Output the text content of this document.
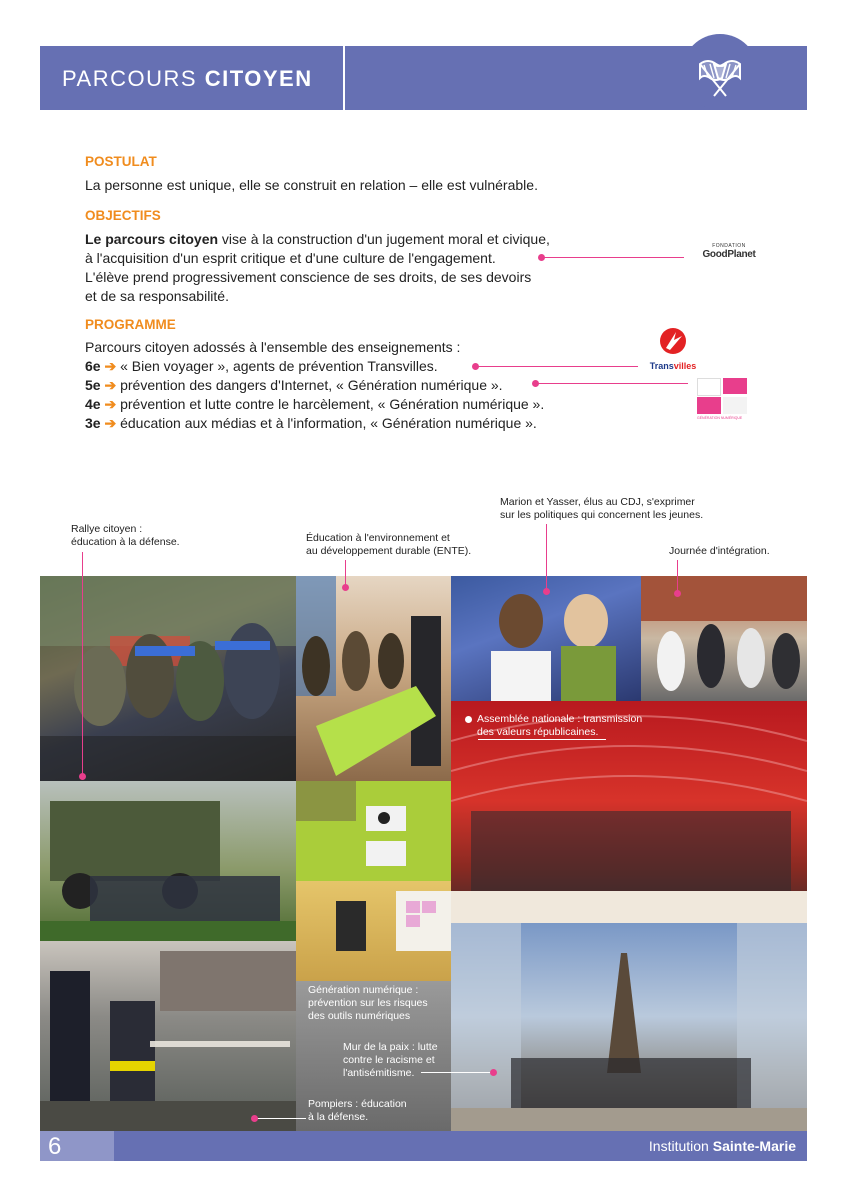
PARCOURS CITOYEN
POSTULAT
La personne est unique, elle se construit en relation – elle est vulnérable.
OBJECTIFS
Le parcours citoyen vise à la construction d'un jugement moral et civique,
à l'acquisition d'un esprit critique et d'une culture de l'engagement.
L'élève prend progressivement conscience de ses droits, de ses devoirs
et de sa responsabilité.
FONDATION
GoodPlanet
PROGRAMME
Parcours citoyen adossés à l'ensemble des enseignements :
6e ➔ « Bien voyager », agents de prévention Transvilles.
5e ➔ prévention des dangers d'Internet, « Génération numérique ».
4e ➔ prévention et lutte contre le harcèlement, « Génération numérique ».
3e ➔ éducation aux médias et à l'information, « Génération numérique ».
Transvilles
GÉNÉRATION NUMÉRIQUE
Rallye citoyen :
éducation à la défense.	Éducation à l'environnement et
au développement durable (ENTE).
Marion et Yasser, élus au CDJ, s'exprimer
sur les politiques qui concernent les jeunes.
Journée d'intégration.
Assemblée nationale : transmission
des valeurs républicaines.
Génération numérique :
prévention sur les risques
des outils numériques
Mur de la paix : lutte
contre le racisme et
l'antisémitisme.
Pompiers : éducation
à la défense.
6	Institution Sainte-Marie
